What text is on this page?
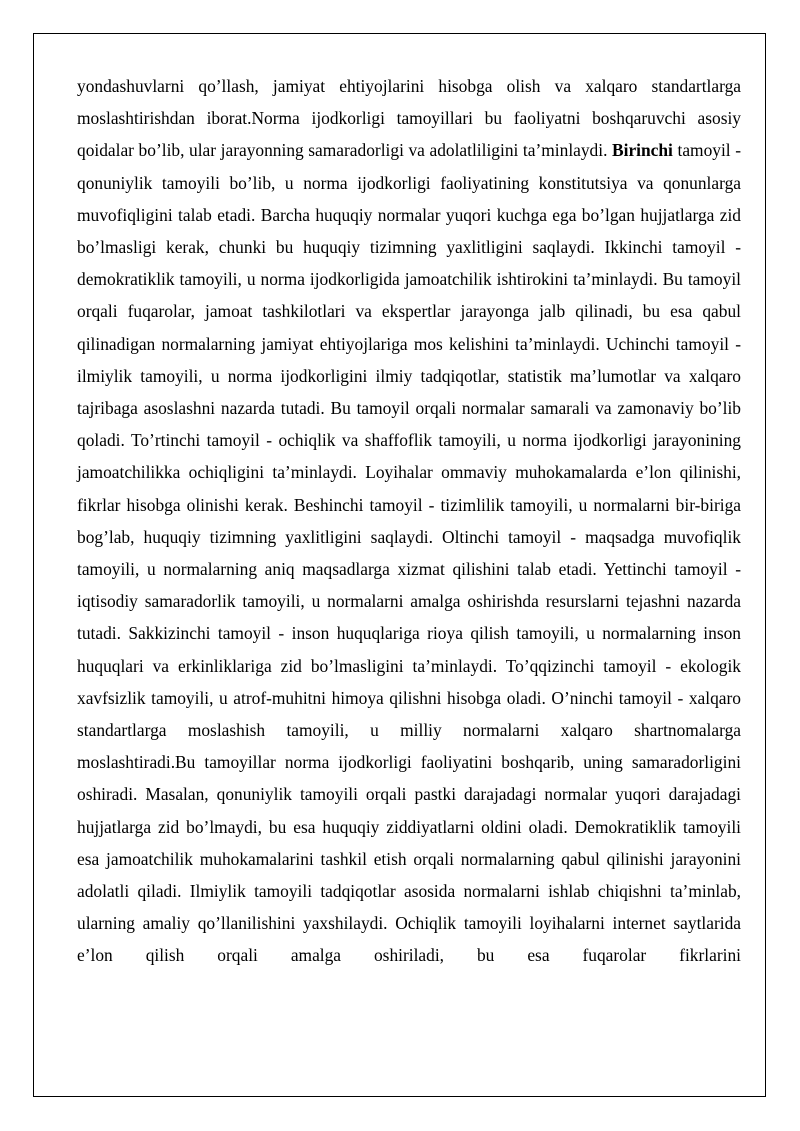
yondashuvlarni qo’llash, jamiyat ehtiyojlarini hisobga olish va xalqaro standartlarga moslashtirishdan iborat.Norma ijodkorligi tamoyillari bu faoliyatni boshqaruvchi asosiy qoidalar bo’lib, ular jarayonning samaradorligi va adolatliligini ta’minlaydi. Birinchi tamoyil - qonuniylik tamoyili bo’lib, u norma ijodkorligi faoliyatining konstitutsiya va qonunlarga muvofiqligini talab etadi. Barcha huquqiy normalar yuqori kuchga ega bo’lgan hujjatlarga zid bo’lmasligi kerak, chunki bu huquqiy tizimning yaxlitligini saqlaydi. Ikkinchi tamoyil - demokratiklik tamoyili, u norma ijodkorligida jamoatchilik ishtirokini ta’minlaydi. Bu tamoyil orqali fuqarolar, jamoat tashkilotlari va ekspertlar jarayonga jalb qilinadi, bu esa qabul qilinadigan normalarning jamiyat ehtiyojlariga mos kelishini ta’minlaydi. Uchinchi tamoyil - ilmiylik tamoyili, u norma ijodkorligini ilmiy tadqiqotlar, statistik ma’lumotlar va xalqaro tajribaga asoslashni nazarda tutadi. Bu tamoyil orqali normalar samarali va zamonaviy bo’lib qoladi. To’rtinchi tamoyil - ochiqlik va shaffoflik tamoyili, u norma ijodkorligi jarayonining jamoatchilikka ochiqligini ta’minlaydi. Loyihalar ommaviy muhokamalarda e’lon qilinishi, fikrlar hisobga olinishi kerak. Beshinchi tamoyil - tizimlilik tamoyili, u normalarni bir-biriga bog’lab, huquqiy tizimning yaxlitligini saqlaydi. Oltinchi tamoyil - maqsadga muvofiqlik tamoyili, u normalarning aniq maqsadlarga xizmat qilishini talab etadi. Yettinchi tamoyil - iqtisodiy samaradorlik tamoyili, u normalarni amalga oshirishda resurslarni tejashni nazarda tutadi. Sakkizinchi tamoyil - inson huquqlariga rioya qilish tamoyili, u normalarning inson huquqlari va erkinliklariga zid bo’lmasligini ta’minlaydi. To’qqizinchi tamoyil - ekologik xavfsizlik tamoyili, u atrof-muhitni himoya qilishni hisobga oladi. O’ninchi tamoyil - xalqaro standartlarga moslashish tamoyili, u milliy normalarni xalqaro shartnomalarga moslashtiradi.Bu tamoyillar norma ijodkorligi faoliyatini boshqarib, uning samaradorligini oshiradi. Masalan, qonuniylik tamoyili orqali pastki darajadagi normalar yuqori darajadagi hujjatlarga zid bo’lmaydi, bu esa huquqiy ziddiyatlarni oldini oladi. Demokratiklik tamoyili esa jamoatchilik muhokamalarini tashkil etish orqali normalarning qabul qilinishi jarayonini adolatli qiladi. Ilmiylik tamoyili tadqiqotlar asosida normalarni ishlab chiqishni ta’minlab, ularning amaliy qo’llanilishini yaxshilaydi. Ochiqlik tamoyili loyihalarni internet saytlarida e’lon qilish orqali amalga oshiriladi, bu esa fuqarolar fikrlarini
